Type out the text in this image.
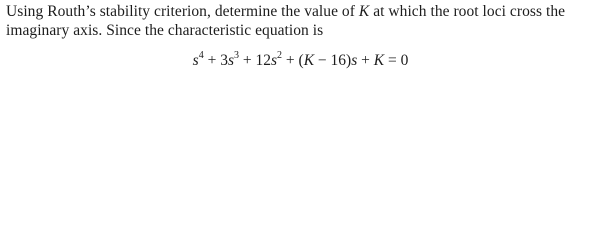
Using Routh’s stability criterion, determine the value of K at which the root loci cross the
imaginary axis. Since the characteristic equation is
$s^4 + 3s^3 + 12s^2 + (K - 16)s + K = 0$
